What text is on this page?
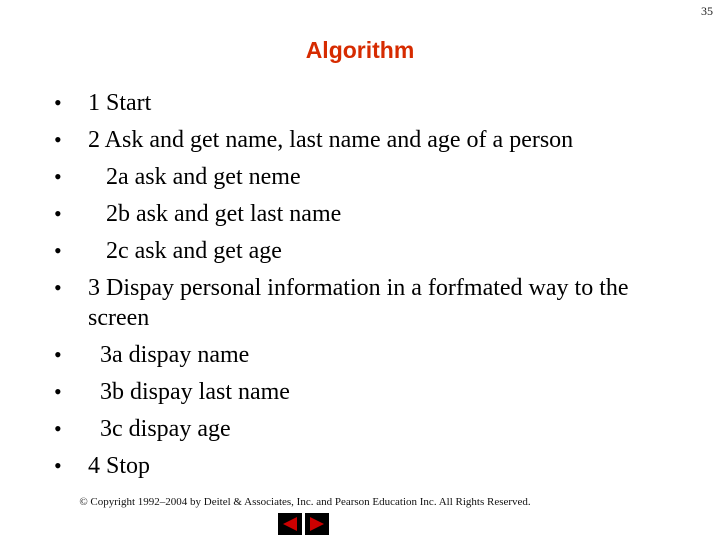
35
Algorithm
•	1 Start
•	2 Ask and get name, last name and age of a person
•	2a ask and get neme
•	2b ask and get last name
•	2c ask and get age
•	3 Dispay personal information in a forfmated way to the screen
•	3a dispay name
•	3b dispay last name
•	3c dispay age
•	4 Stop
© Copyright 1992–2004 by Deitel & Associates, Inc. and Pearson Education Inc. All Rights Reserved.
